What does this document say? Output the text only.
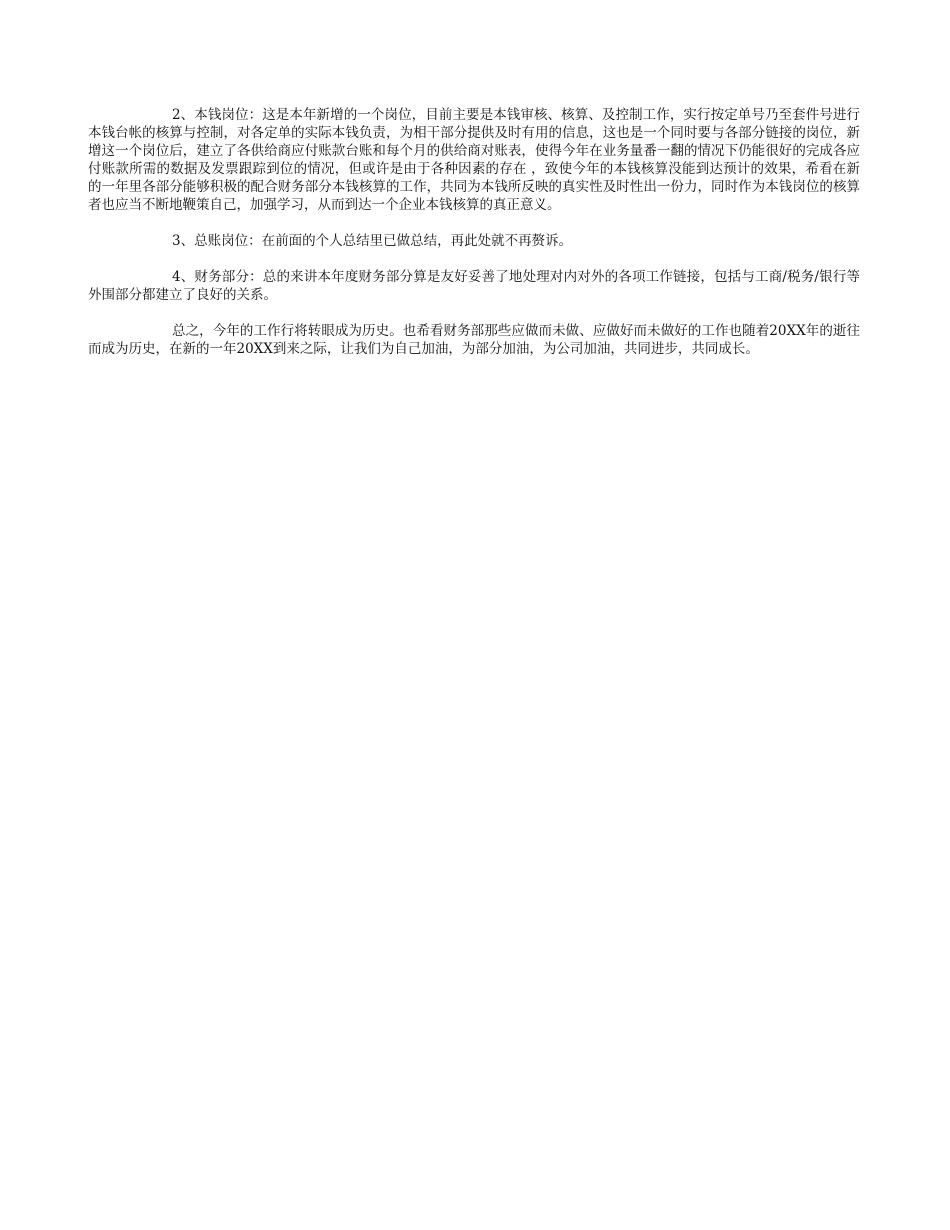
2、本钱岗位：这是本年新增的一个岗位，目前主要是本钱审核、核算、及控制工作，实行按定单号乃至套件号进行本钱台帐的核算与控制，对各定单的实际本钱负责，为相干部分提供及时有用的信息，这也是一个同时要与各部分链接的岗位，新增这一个岗位后，建立了各供给商应付账款台账和每个月的供给商对账表，使得今年在业务量番一翻的情况下仍能很好的完成各应付账款所需的数据及发票跟踪到位的情况，但或许是由于各种因素的存在 ，致使今年的本钱核算没能到达预计的效果，希看在新的一年里各部分能够积极的配合财务部分本钱核算的工作，共同为本钱所反映的真实性及时性出一份力，同时作为本钱岗位的核算者也应当不断地鞭策自己，加强学习，从而到达一个企业本钱核算的真正意义。

3、总账岗位：在前面的个人总结里已做总结，再此处就不再赘诉。

4、财务部分：总的来讲本年度财务部分算是友好妥善了地处理对内对外的各项工作链接，包括与工商/税务/银行等外围部分都建立了良好的关系。

总之，今年的工作行将转眼成为历史。也希看财务部那些应做而未做、应做好而未做好的工作也随着20XX年的逝往而成为历史，在新的一年20XX到来之际，让我们为自己加油，为部分加油，为公司加油，共同进步，共同成长。
